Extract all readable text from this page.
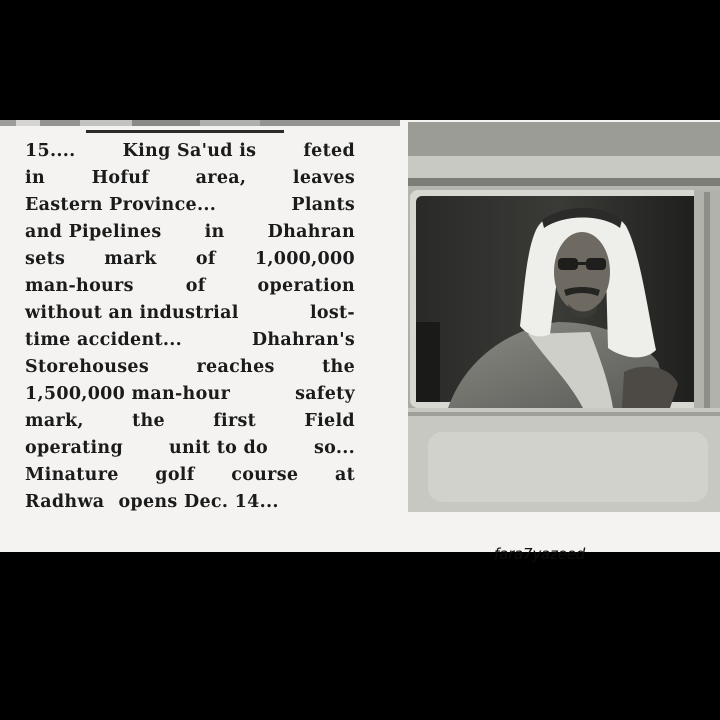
15....	King Sa'ud is	feted
in	Hofuf	area,	leaves
Eastern Province...	Plants
and Pipelines in Dhahran
sets mark of 1,000,000
man-hours	of	operation
without an industrial	lost-
time accident...	Dhahran's
Storehouses	reaches	the
1,500,000 man-hour	safety
mark,	the	first	Field
operating	unit to do	so...
Minature golf course at
Radhwa opens Dec. 14...
fara7yazeed
